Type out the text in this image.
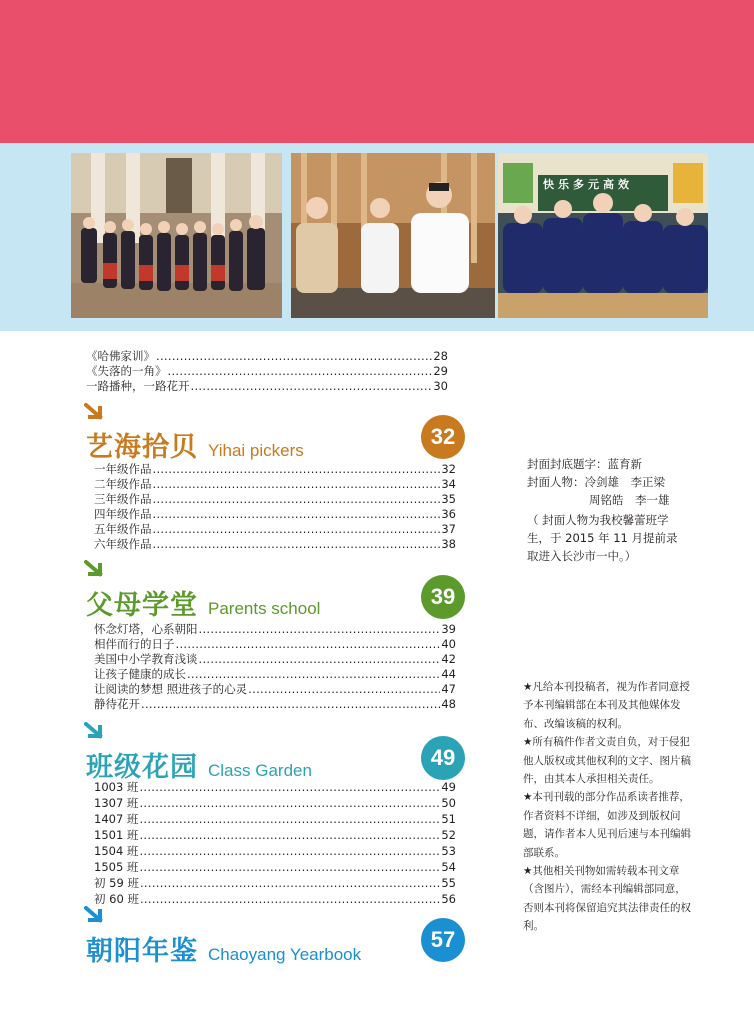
快乐多元高效
《哈佛家训》 .....	28
《失落的一角》 .....	29
一路播种，一路花开 .....	30
艺海拾贝 Yihai pickers
32
一年级作品 .....	32
二年级作品 .....	34
三年级作品 .....	35
四年级作品 .....	36
五年级作品 .....	37
六年级作品 .....	38
父母学堂 Parents school	39
怀念灯塔，心系朝阳 .....	39
相伴而行的日子 .....	40
美国中小学教育浅谈 .....	42
让孩子健康的成长 .....	44
让阅读的梦想 照进孩子的心灵 .....	47
静待花开 .....	48
班级花园 Class Garden
49
1003 班 .....	49
1307 班 .....	50
1407 班 .....	51
1501 班 .....	52
1504 班 .....	53
1505 班 .....	54
初 59 班 .....	55
初 60 班 .....	56
朝阳年鉴 Chaoyang Yearbook
57
封面封底题字：蓝育新
封面人物：冷剑雄　李正梁
周铭皓　李一雄
（ 封面人物为我校馨蕾班学
生，于 2015 年 11 月提前录
取进入长沙市一中。）

★凡给本刊投稿者，视为作者同意授予本刊编辑部在本刊及其他媒体发布、改编该稿的权利。

★所有稿件作者文责自负，对于侵犯他人版权或其他权利的文字、图片稿件，由其本人承担相关责任。

★本刊刊载的部分作品系读者推荐，作者资料不详细，如涉及到版权问题，请作者本人见刊后速与本刊编辑部联系。

★其他相关刊物如需转载本刊文章（含图片），需经本刊编辑部同意，否则本刊将保留追究其法律责任的权利。
